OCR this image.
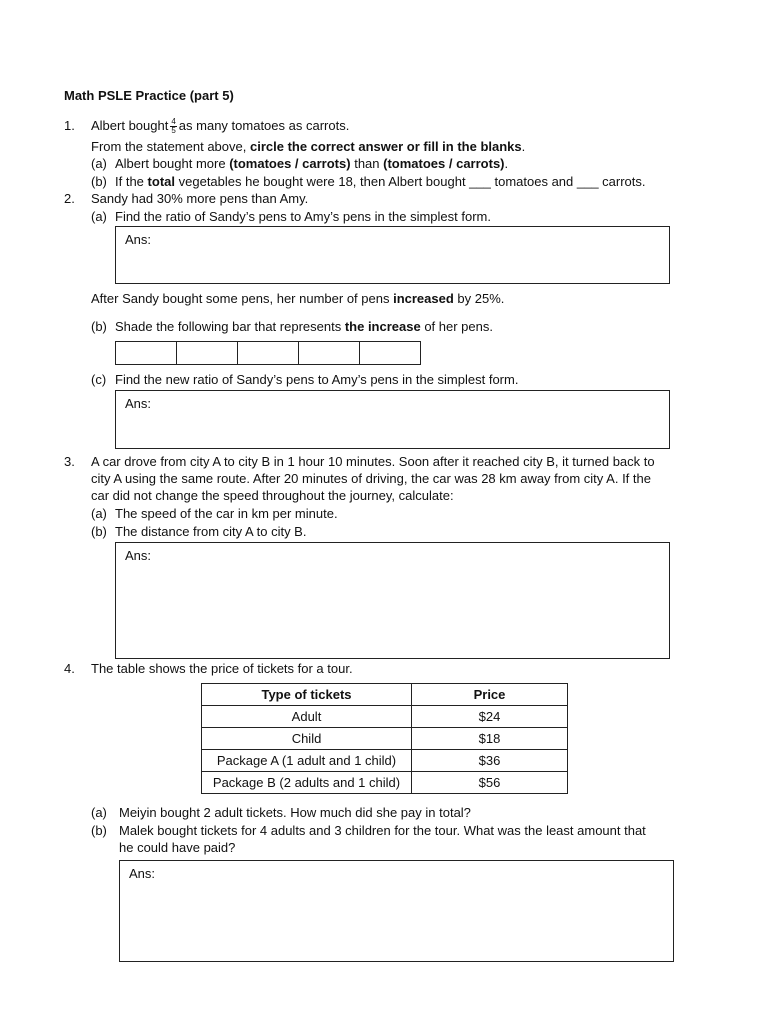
Math PSLE Practice (part 5)
1. Albert bought $\frac{4}{5}$ as many tomatoes as carrots.
From the statement above, circle the correct answer or fill in the blanks.
(a) Albert bought more (tomatoes / carrots) than (tomatoes / carrots).
(b) If the total vegetables he bought were 18, then Albert bought ___ tomatoes and ___ carrots.
2. Sandy had 30% more pens than Amy.
(a) Find the ratio of Sandy’s pens to Amy’s pens in the simplest form.
Ans:
After Sandy bought some pens, her number of pens increased by 25%.
(b) Shade the following bar that represents the increase of her pens.
(c) Find the new ratio of Sandy’s pens to Amy’s pens in the simplest form.
Ans:
3. A car drove from city A to city B in 1 hour 10 minutes. Soon after it reached city B, it turned back to
city A using the same route. After 20 minutes of driving, the car was 28 km away from city A. If the
car did not change the speed throughout the journey, calculate:
(a) The speed of the car in km per minute.
(b) The distance from city A to city B.
Ans:
4. The table shows the price of tickets for a tour.
Type of tickets	Price
Adult	$24
Child	$18
Package A (1 adult and 1 child)	$36
Package B (2 adults and 1 child)	$56
(a) Meiyin bought 2 adult tickets. How much did she pay in total?
(b) Malek bought tickets for 4 adults and 3 children for the tour. What was the least amount that
he could have paid?
Ans:
